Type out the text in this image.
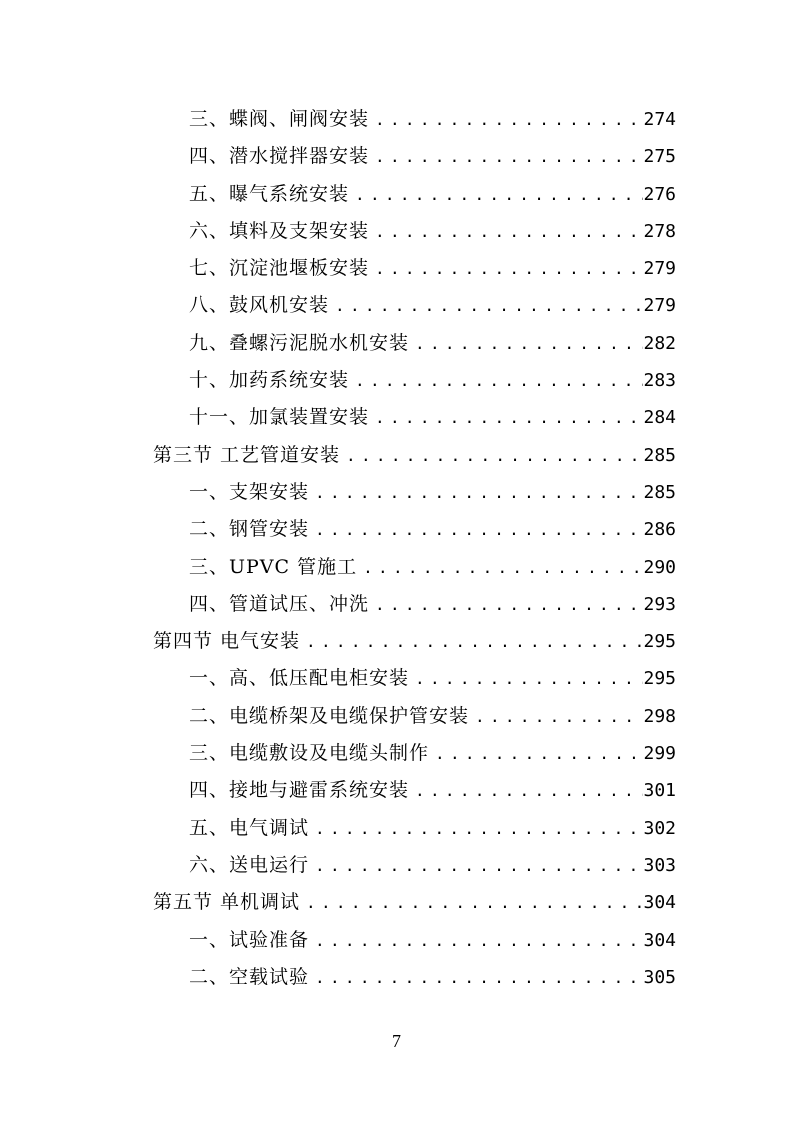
三、蝶阀、闸阀安装 .....	274
四、潜水搅拌器安装 .....	275
五、曝气系统安装 .....	276
六、填料及支架安装 .....	278
七、沉淀池堰板安装 .....	279
八、鼓风机安装 .....	279
九、叠螺污泥脱水机安装 .....	282
十、加药系统安装 .....	283
十一、加氯装置安装 .....	284
第三节 工艺管道安装 .....	285
一、支架安装 .....	285
二、钢管安装 .....	286
三、UPVC 管施工 .....	290
四、管道试压、冲洗 .....	293
第四节 电气安装 .....	295
一、高、低压配电柜安装 .....	295
二、电缆桥架及电缆保护管安装 .....	298
三、电缆敷设及电缆头制作 .....	299
四、接地与避雷系统安装 .....	301
五、电气调试 .....	302
六、送电运行 .....	303
第五节 单机调试 .....	304
一、试验准备 .....	304
二、空载试验 .....	305
7
